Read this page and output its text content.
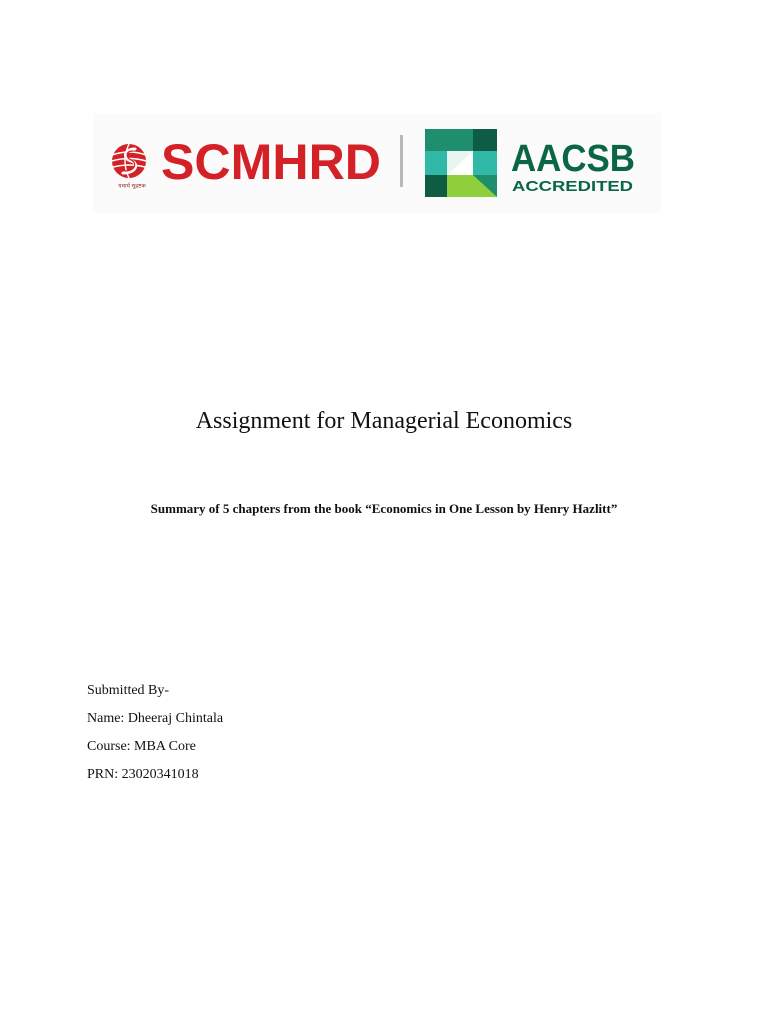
यथार्थ सुद्रष्टक SCMHRD	AACSB
ACCREDITED
Assignment for Managerial Economics

Summary of 5 chapters from the book “Economics in One Lesson by Henry Hazlitt”

Submitted By-
Name: Dheeraj Chintala
Course: MBA Core
PRN: 23020341018
